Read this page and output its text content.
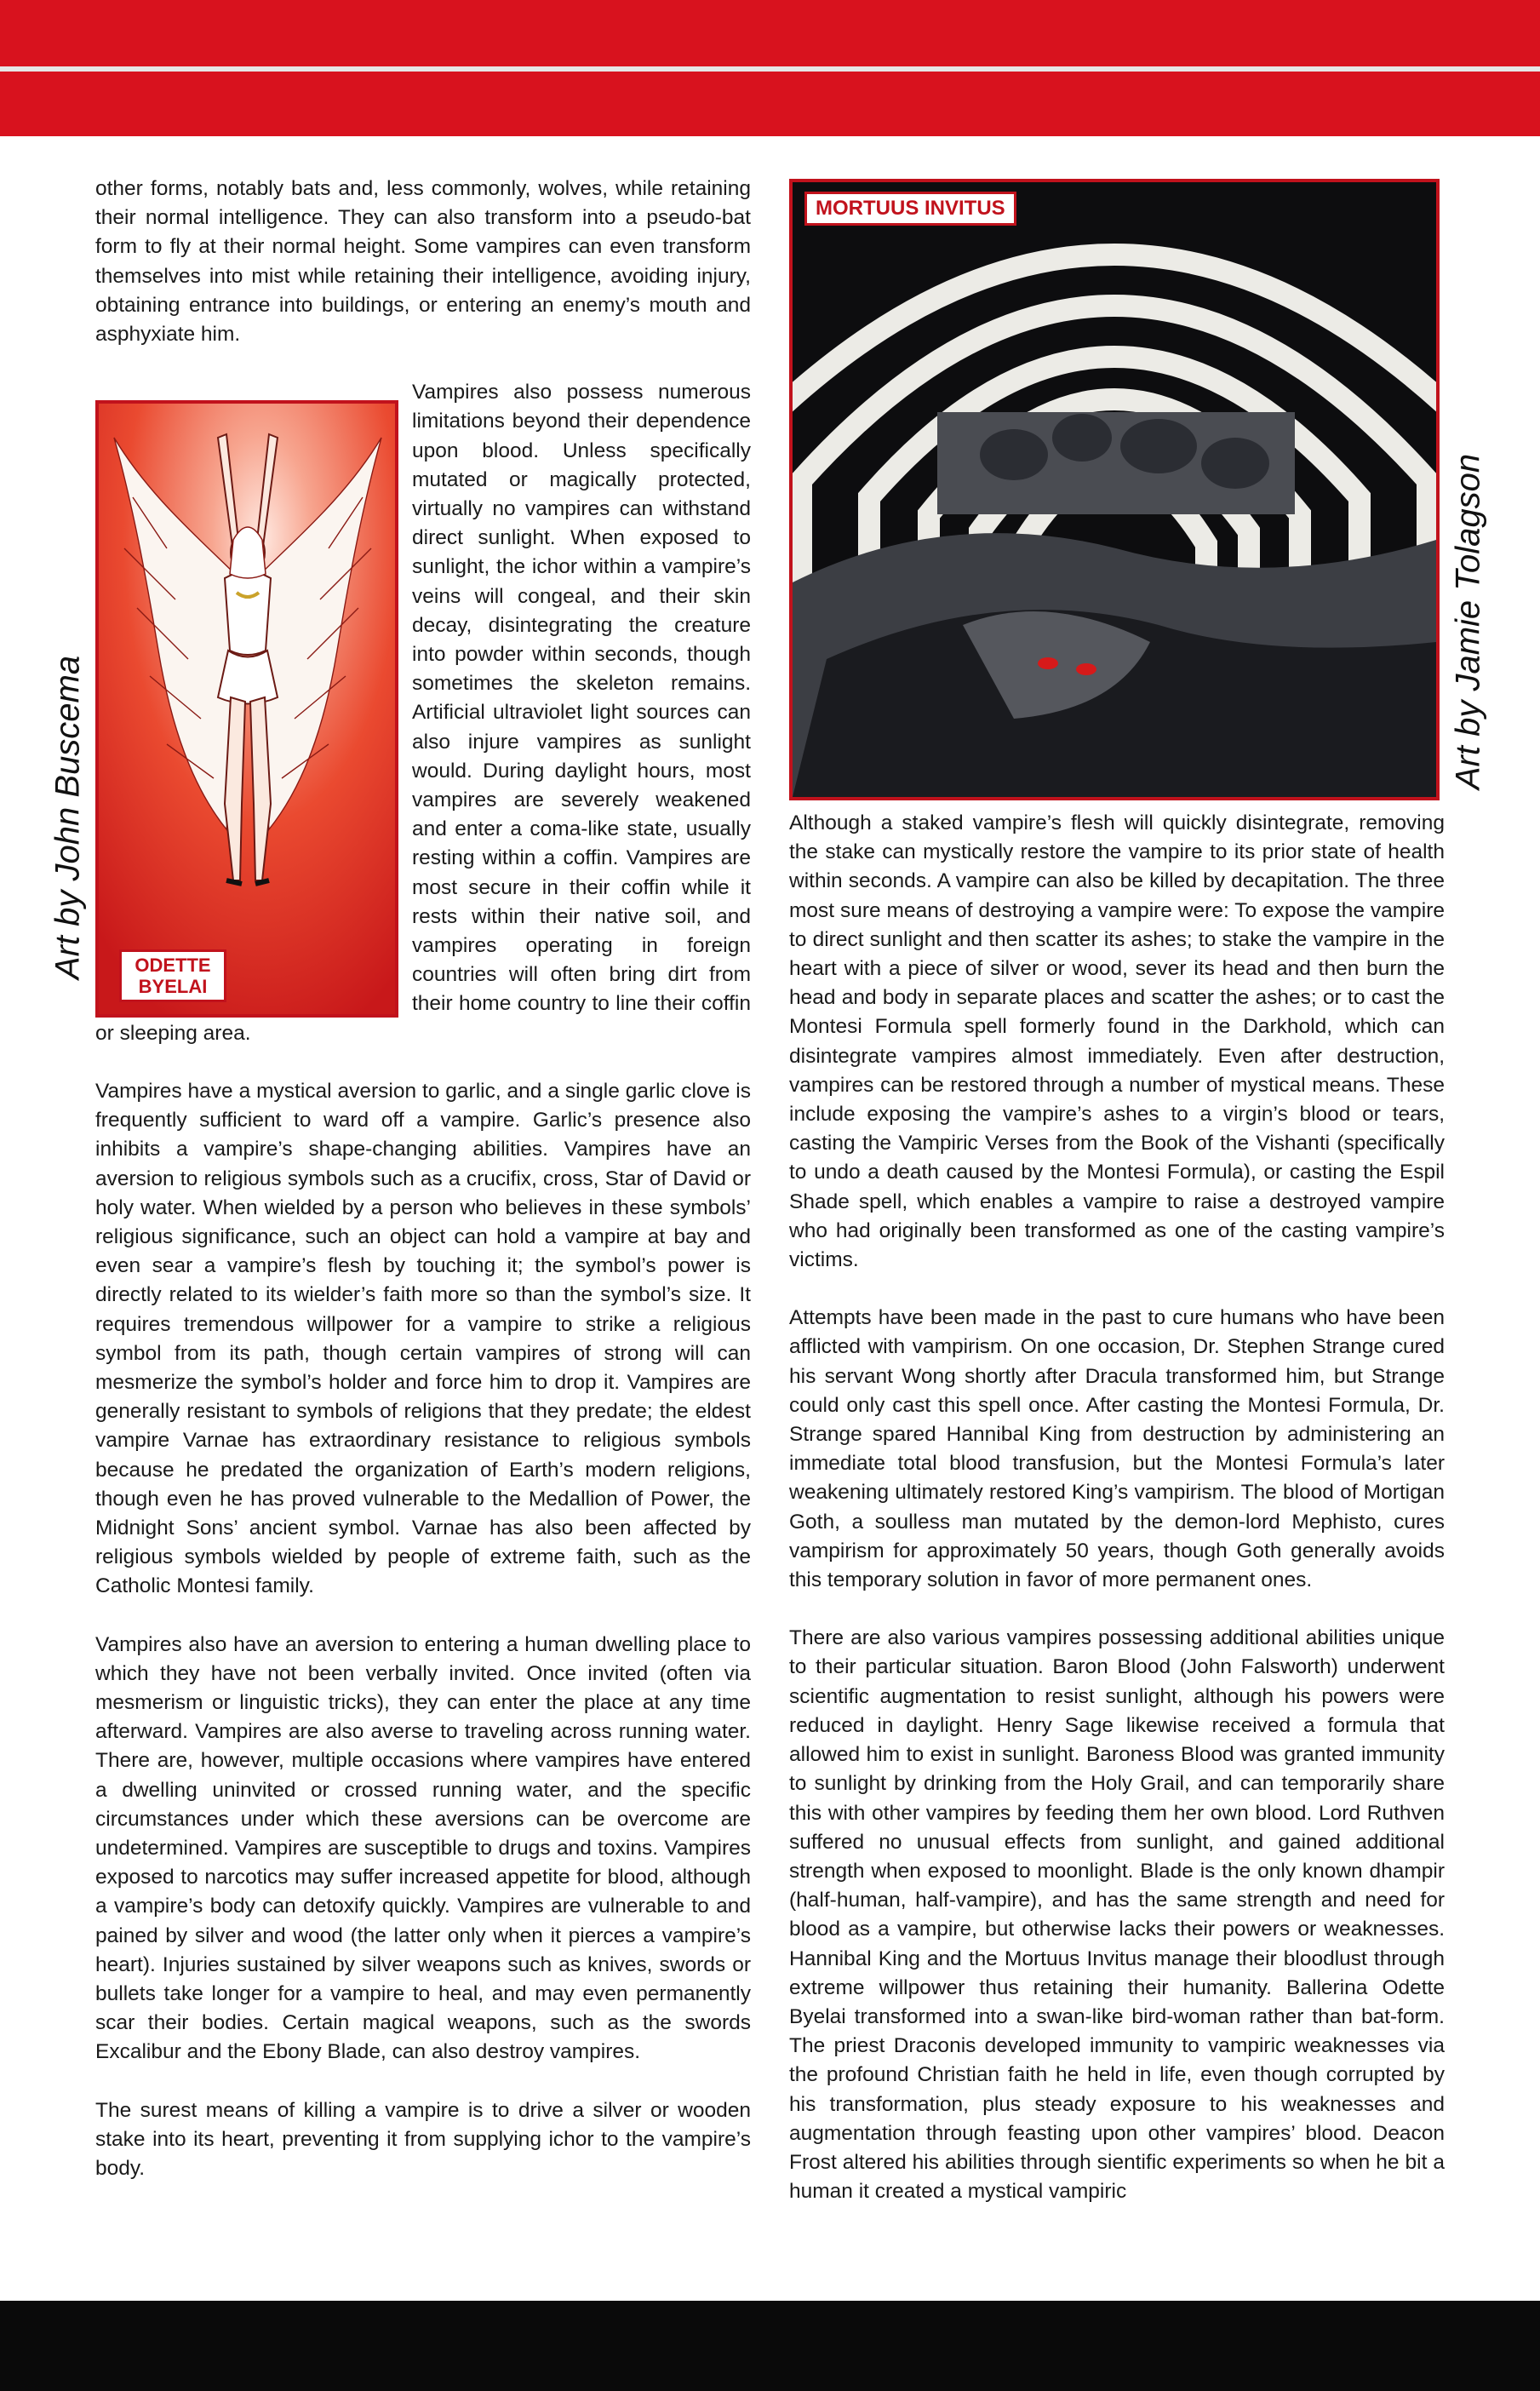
other forms, notably bats and, less commonly, wolves, while retaining their normal intelligence. They can also transform into a pseudo-bat form to fly at their normal height. Some vampires can even transform themselves into mist while retaining their intelligence, avoiding injury, obtaining entrance into buildings, or entering an enemy’s mouth and asphyxiate him.

Vampires also possess numerous limitations beyond their dependence upon blood. Unless specifically mutated or magically protected, virtually no vampires can withstand direct sunlight. When exposed to sunlight, the ichor within a vampire’s veins will congeal, and their skin decay, disintegrating the creature into powder within seconds, though sometimes the skeleton remains. Artificial ultraviolet light sources can also injure vampires as sunlight would. During daylight hours, most vampires are severely weakened and enter a coma-like state, usually resting within a coffin. Vampires are most secure in their coffin while it rests within their native soil, and vampires operating in foreign countries will often bring dirt from their home country to line their coffin or sleeping area.

Vampires have a mystical aversion to garlic, and a single garlic clove is frequently sufficient to ward off a vampire. Garlic’s presence also inhibits a vampire’s shape-changing abilities. Vampires have an aversion to religious symbols such as a crucifix, cross, Star of David or holy water. When wielded by a person who believes in these symbols’ religious significance, such an object can hold a vampire at bay and even sear a vampire’s flesh by touching it; the symbol’s power is directly related to its wielder’s faith more so than the symbol’s size. It requires tremendous willpower for a vampire to strike a religious symbol from its path, though certain vampires of strong will can mesmerize the symbol’s holder and force him to drop it. Vampires are generally resistant to symbols of religions that they predate; the eldest vampire Varnae has extraordinary resistance to religious symbols because he predated the organization of Earth’s modern religions, though even he has proved vulnerable to the Medallion of Power, the Midnight Sons’ ancient symbol. Varnae has also been affected by religious symbols wielded by people of extreme faith, such as the Catholic Montesi family.

Vampires also have an aversion to entering a human dwelling place to which they have not been verbally invited. Once invited (often via mesmerism or linguistic tricks), they can enter the place at any time afterward. Vampires are also averse to traveling across running water. There are, however, multiple occasions where vampires have entered a dwelling uninvited or crossed running water, and the specific circumstances under which these aversions can be overcome are undetermined. Vampires are susceptible to drugs and toxins. Vampires exposed to narcotics may suffer increased appetite for blood, although a vampire’s body can detoxify quickly. Vampires are vulnerable to and pained by silver and wood (the latter only when it pierces a vampire’s heart). Injuries sustained by silver weapons such as knives, swords or bullets take longer for a vampire to heal, and may even permanently scar their bodies. Certain magical weapons, such as the swords Excalibur and the Ebony Blade, can also destroy vampires.

The surest means of killing a vampire is to drive a silver or wooden stake into its heart, preventing it from supplying ichor to the vampire’s body.

ODETTE
BYELAI
Art by John Buscema
MORTUUS INVITUS
Art by Jamie Tolagson

Although a staked vampire’s flesh will quickly disintegrate, removing the stake can mystically restore the vampire to its prior state of health within seconds. A vampire can also be killed by decapitation. The three most sure means of destroying a vampire were: To expose the vampire to direct sunlight and then scatter its ashes; to stake the vampire in the heart with a piece of silver or wood, sever its head and then burn the head and body in separate places and scatter the ashes; or to cast the Montesi Formula spell formerly found in the Darkhold, which can disintegrate vampires almost immediately. Even after destruction, vampires can be restored through a number of mystical means. These include exposing the vampire’s ashes to a virgin’s blood or tears, casting the Vampiric Verses from the Book of the Vishanti (specifically to undo a death caused by the Montesi Formula), or casting the Espil Shade spell, which enables a vampire to raise a destroyed vampire who had originally been transformed as one of the casting vampire’s victims.

Attempts have been made in the past to cure humans who have been afflicted with vampirism. On one occasion, Dr. Stephen Strange cured his servant Wong shortly after Dracula transformed him, but Strange could only cast this spell once. After casting the Montesi Formula, Dr. Strange spared Hannibal King from destruction by administering an immediate total blood transfusion, but the Montesi Formula’s later weakening ultimately restored King’s vampirism. The blood of Mortigan Goth, a soulless man mutated by the demon-lord Mephisto, cures vampirism for approximately 50 years, though Goth generally avoids this temporary solution in favor of more permanent ones.

There are also various vampires possessing additional abilities unique to their particular situation. Baron Blood (John Falsworth) underwent scientific augmentation to resist sunlight, although his powers were reduced in daylight. Henry Sage likewise received a formula that allowed him to exist in sunlight. Baroness Blood was granted immunity to sunlight by drinking from the Holy Grail, and can temporarily share this with other vampires by feeding them her own blood. Lord Ruthven suffered no unusual effects from sunlight, and gained additional strength when exposed to moonlight. Blade is the only known dhampir (half-human, half-vampire), and has the same strength and need for blood as a vampire, but otherwise lacks their powers or weaknesses. Hannibal King and the Mortuus Invitus manage their bloodlust through extreme willpower thus retaining their humanity. Ballerina Odette Byelai transformed into a swan-like bird-woman rather than bat-form. The priest Draconis developed immunity to vampiric weaknesses via the profound Christian faith he held in life, even though corrupted by his transformation, plus steady exposure to his weaknesses and augmentation through feasting upon other vampires’ blood. Deacon Frost altered his abilities through sientific experiments so when he bit a human it created a mystical vampiric
